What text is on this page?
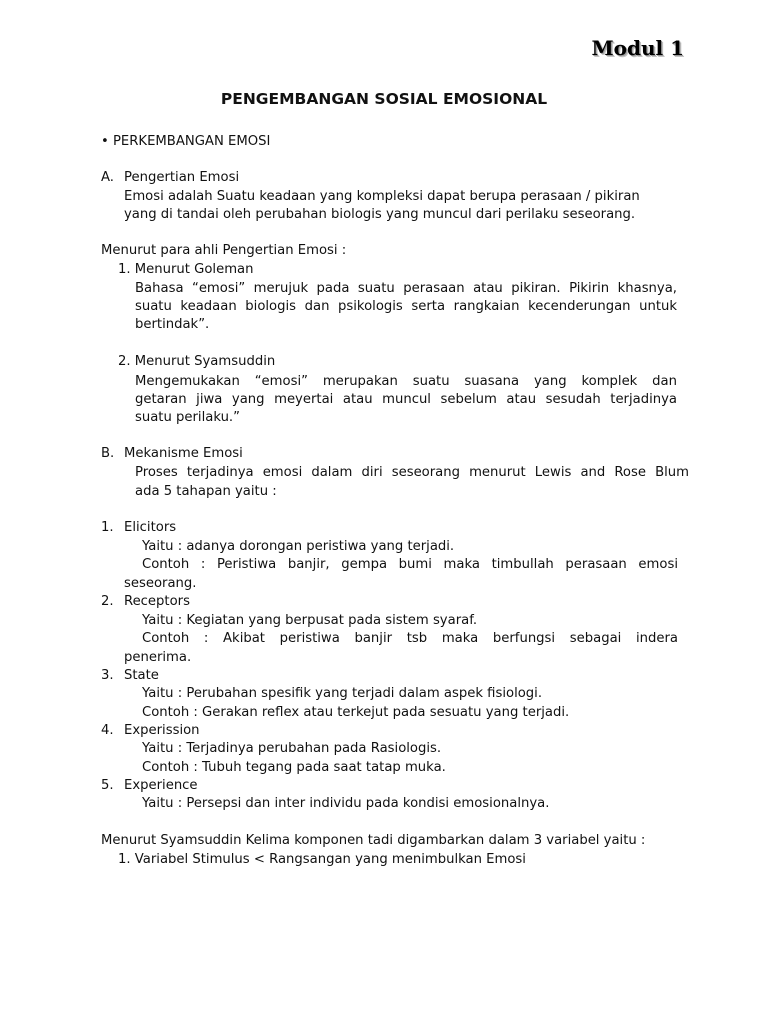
Modul 1
PENGEMBANGAN SOSIAL EMOSIONAL
• PERKEMBANGAN EMOSI
A. Pengertian Emosi
Emosi adalah Suatu keadaan yang kompleksi dapat berupa perasaan / pikiran
yang di tandai oleh perubahan biologis yang muncul dari perilaku seseorang.
Menurut para ahli Pengertian Emosi :
1. Menurut Goleman
Bahasa “emosi” merujuk pada suatu perasaan atau pikiran. Pikirin khasnya,
suatu keadaan biologis dan psikologis serta rangkaian kecenderungan untuk
bertindak”.
2. Menurut Syamsuddin
Mengemukakan “emosi” merupakan suatu suasana yang komplek dan
getaran jiwa yang meyertai atau muncul sebelum atau sesudah terjadinya
suatu perilaku.”
B. Mekanisme Emosi
Proses terjadinya emosi dalam diri seseorang menurut Lewis and Rose Blum
ada 5 tahapan yaitu :
1. Elicitors
Yaitu : adanya dorongan peristiwa yang terjadi.
Contoh : Peristiwa banjir, gempa bumi maka timbullah perasaan emosi
seseorang.
2. Receptors
Yaitu : Kegiatan yang berpusat pada sistem syaraf.
Contoh : Akibat peristiwa banjir tsb maka berfungsi sebagai indera
penerima.
3. State
Yaitu : Perubahan spesifik yang terjadi dalam aspek fisiologi.
Contoh : Gerakan reflex atau terkejut pada sesuatu yang terjadi.
4. Experission
Yaitu : Terjadinya perubahan pada Rasiologis.
Contoh : Tubuh tegang pada saat tatap muka.
5. Experience
Yaitu : Persepsi dan inter individu pada kondisi emosionalnya.
Menurut Syamsuddin Kelima komponen tadi digambarkan dalam 3 variabel yaitu :
1. Variabel Stimulus < Rangsangan yang menimbulkan Emosi
